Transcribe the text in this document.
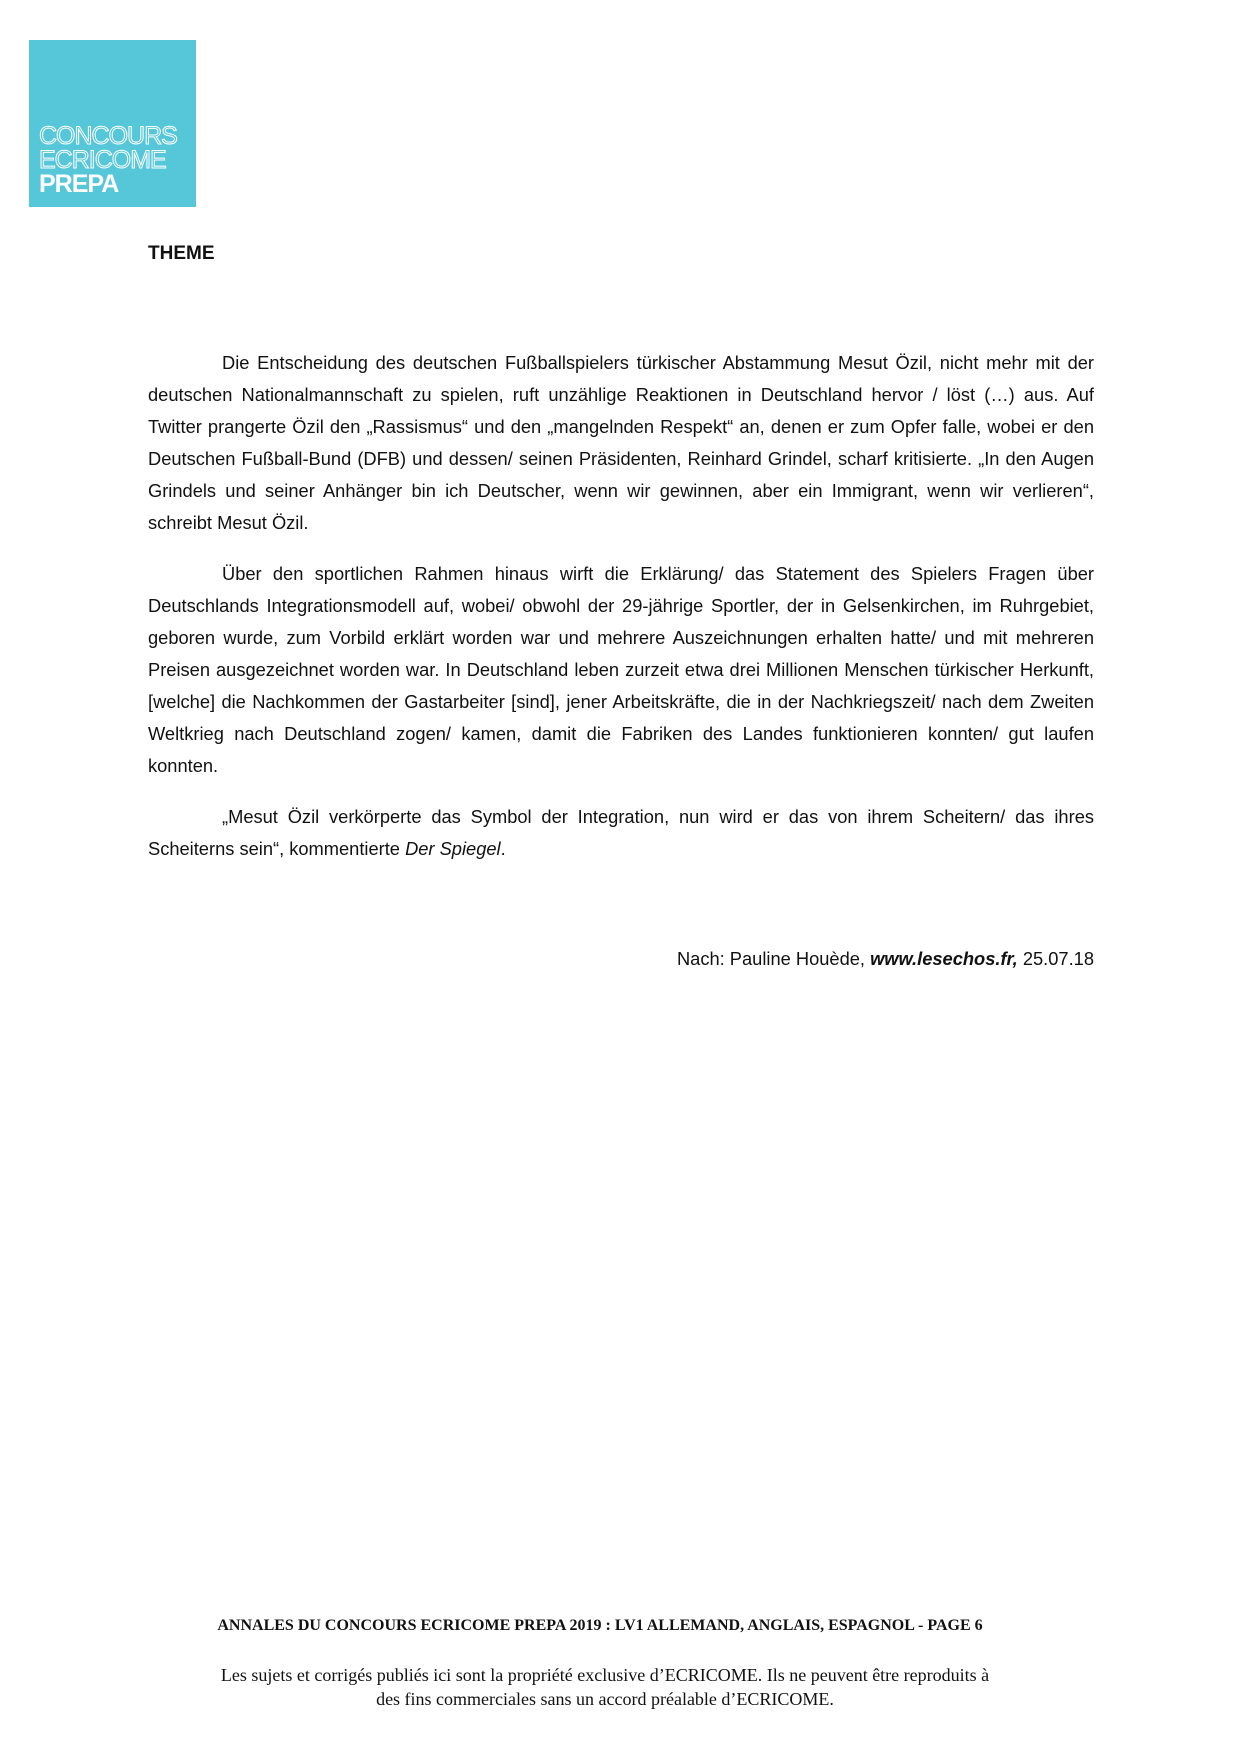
CONCOURS
ECRICOME
PREPA
THEME

Die Entscheidung des deutschen Fußballspielers türkischer Abstammung Mesut Özil, nicht mehr mit der deutschen Nationalmannschaft zu spielen, ruft unzählige Reaktionen in Deutschland hervor / löst (…) aus. Auf Twitter prangerte Özil den „Rassismus“ und den „mangelnden Respekt“ an, denen er zum Opfer falle, wobei er den Deutschen Fußball-Bund (DFB) und dessen/ seinen Präsidenten, Reinhard Grindel, scharf kritisierte. „In den Augen Grindels und seiner Anhänger bin ich Deutscher, wenn wir gewinnen, aber ein Immigrant, wenn wir verlieren“, schreibt Mesut Özil.

Über den sportlichen Rahmen hinaus wirft die Erklärung/ das Statement des Spielers Fragen über Deutschlands Integrationsmodell auf, wobei/ obwohl der 29-jährige Sportler, der in Gelsenkirchen, im Ruhrgebiet, geboren wurde, zum Vorbild erklärt worden war und mehrere Auszeichnungen erhalten hatte/ und mit mehreren Preisen ausgezeichnet worden war. In Deutschland leben zurzeit etwa drei Millionen Menschen türkischer Herkunft, [welche] die Nachkommen der Gastarbeiter [sind], jener Arbeitskräfte, die in der Nachkriegszeit/ nach dem Zweiten Weltkrieg nach Deutschland zogen/ kamen, damit die Fabriken des Landes funktionieren konnten/ gut laufen konnten.

„Mesut Özil verkörperte das Symbol der Integration, nun wird er das von ihrem Scheitern/ das ihres Scheiterns sein“, kommentierte Der Spiegel.

Nach: Pauline Houède, www.lesechos.fr, 25.07.18
ANNALES DU CONCOURS ECRICOME PREPA 2019 : LV1 ALLEMAND, ANGLAIS, ESPAGNOL - PAGE 6
Les sujets et corrigés publiés ici sont la propriété exclusive d’ECRICOME. Ils ne peuvent être reproduits à
des fins commerciales sans un accord préalable d’ECRICOME.
